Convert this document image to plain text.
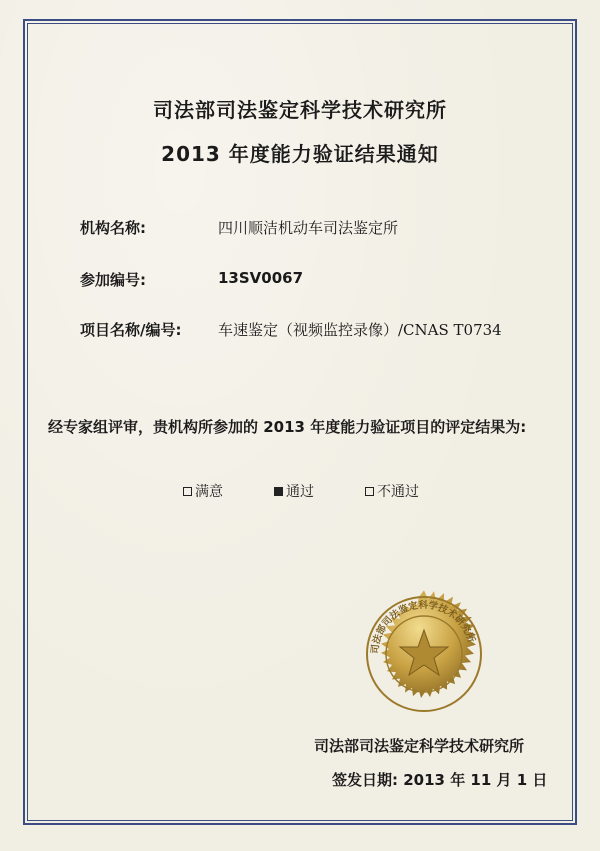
司法部司法鉴定科学技术研究所
2013 年度能力验证结果通知
机构名称:	四川顺洁机动车司法鉴定所
参加编号:	13SV0067
项目名称/编号: 车速鉴定（视频监控录像）/CNAS T0734
经专家组评审，贵机构所参加的 2013 年度能力验证项目的评定结果为:
满意	通过	不通过
司法部司法鉴定科学技术研究所
司法部司法鉴定科学技术研究所
签发日期: 2013 年 11 月 1 日
